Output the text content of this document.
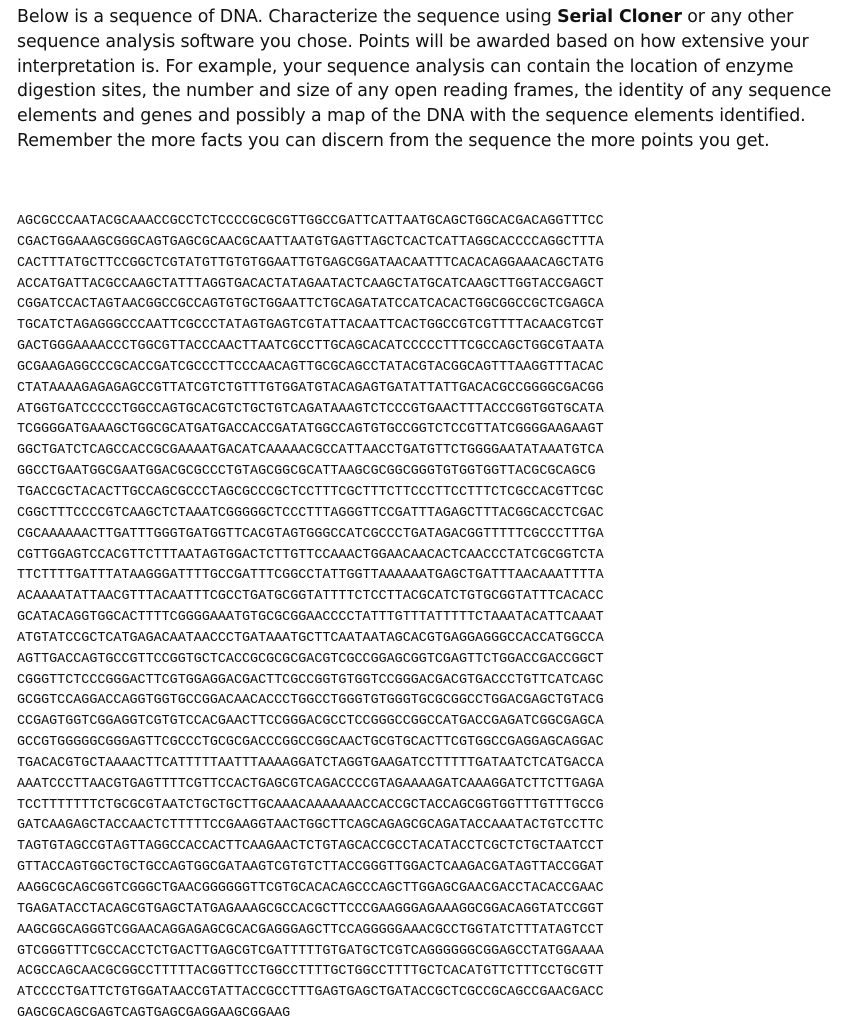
Below is a sequence of DNA. Characterize the sequence using Serial Cloner or any other sequence analysis software you chose. Points will be awarded based on how extensive your interpretation is. For example, your sequence analysis can contain the location of enzyme digestion sites, the number and size of any open reading frames, the identity of any sequence elements and genes and possibly a map of the DNA with the sequence elements identified. Remember the more facts you can discern from the sequence the more points you get.
AGCGCCCAATACGCAAACCGCCTCTCCCCGCGCGTTGGCCGATTCATTAATGCAGCTGGCACGACAGGTTTCC
CGACTGGAAAGCGGGCAGTGAGCGCAACGCAATTAATGTGAGTTAGCTCACTCATTAGGCACCCCAGGCTTTA
CACTTTATGCTTCCGGCTCGTATGTTGTGTGGAATTGTGAGCGGATAACAATTTCACACAGGAAACAGCTATG
ACCATGATTACGCCAAGCTATTTAGGTGACACTATAGAATACTCAAGCTATGCATCAAGCTTGGTACCGAGCT
CGGATCCACTAGTAACGGCCGCCAGTGTGCTGGAATTCTGCAGATATCCATCACACTGGCGGCCGCTCGAGCA
TGCATCTAGAGGGCCCAATTCGCCCTATAGTGAGTCGTATTACAATTCACTGGCCGTCGTTTTACAACGTCGT
GACTGGGAAAACCCTGGCGTTACCCAACTTAATCGCCTTGCAGCACATCCCCCTTTCGCCAGCTGGCGTAATA
GCGAAGAGGCCCGCACCGATCGCCCTTCCCAACAGTTGCGCAGCCTATACGTACGGCAGTTTAAGGTTTACAC
CTATAAAAGAGAGAGCCGTTATCGTCTGTTTGTGGATGTACAGAGTGATATTATTGACACGCCGGGGCGACGG
ATGGTGATCCCCCTGGCCAGTGCACGTCTGCTGTCAGATAAAGTCTCCCGTGAACTTTACCCGGTGGTGCATA
TCGGGGATGAAAGCTGGCGCATGATGACCACCGATATGGCCAGTGTGCCGGTCTCCGTTATCGGGGAAGAAGT
GGCTGATCTCAGCCACCGCGAAAATGACATCAAAAACGCCATTAACCTGATGTTCTGGGGAATATAAATGTCA
GGCCTGAATGGCGAATGGACGCGCCCTGTAGCGGCGCATTAAGCGCGGCGGGTGTGGTGGTTACGCGCAGCG
TGACCGCTACACTTGCCAGCGCCCTAGCGCCCGCTCCTTTCGCTTTCTTCCCTTCCTTTCTCGCCACGTTCGC
CGGCTTTCCCCGTCAAGCTCTAAATCGGGGGCTCCCTTTAGGGTTCCGATTTAGAGCTTTACGGCACCTCGAC
CGCAAAAAACTTGATTTGGGTGATGGTTCACGTAGTGGGCCATCGCCCTGATAGACGGTTTTTCGCCCTTTGA
CGTTGGAGTCCACGTTCTTTAATAGTGGACTCTTGTTCCAAACTGGAACAACACTCAACCCTATCGCGGTCTA
TTCTTTTGATTTATAAGGGATTTTGCCGATTTCGGCCTATTGGTTAAAAAATGAGCTGATTTAACAAATTTTA
ACAAAATATTAACGTTTACAATTTCGCCTGATGCGGTATTTTCTCCTTACGCATCTGTGCGGTATTTCACACC
GCATACAGGTGGCACTTTTCGGGGAAATGTGCGCGGAACCCCTATTTGTTTATTTTTCTAAATACATTCAAAT
ATGTATCCGCTCATGAGACAATAACCCTGATAAATGCTTCAATAATAGCACGTGAGGAGGGCCACCATGGCCA
AGTTGACCAGTGCCGTTCCGGTGCTCACCGCGCGCGACGTCGCCGGAGCGGTCGAGTTCTGGACCGACCGGCT
CGGGTTCTCCCGGGACTTCGTGGAGGACGACTTCGCCGGTGTGGTCCGGGACGACGTGACCCTGTTCATCAGC
GCGGTCCAGGACCAGGTGGTGCCGGACAACACCCTGGCCTGGGTGTGGGTGCGCGGCCTGGACGAGCTGTACG
CCGAGTGGTCGGAGGTCGTGTCCACGAACTTCCGGGACGCCTCCGGGCCGGCCATGACCGAGATCGGCGAGCA
GCCGTGGGGGCGGGAGTTCGCCCTGCGCGACCCGGCCGGCAACTGCGTGCACTTCGTGGCCGAGGAGCAGGAC
TGACACGTGCTAAAACTTCATTTTTAATTTAAAAGGATCTAGGTGAAGATCCTTTTTGATAATCTCATGACCA
AAATCCCTTAACGTGAGTTTTCGTTCCACTGAGCGTCAGACCCCGTAGAAAAGATCAAAGGATCTTCTTGAGA
TCCTTTTTTTCTGCGCGTAATCTGCTGCTTGCAAACAAAAAAACCACCGCTACCAGCGGTGGTTTGTTTGCCG
GATCAAGAGCTACCAACTCTTTTTCCGAAGGTAACTGGCTTCAGCAGAGCGCAGATACCAAATACTGTCCTTC
TAGTGTAGCCGTAGTTAGGCCACCACTTCAAGAACTCTGTAGCACCGCCTACATACCTCGCTCTGCTAATCCT
GTTACCAGTGGCTGCTGCCAGTGGCGATAAGTCGTGTCTTACCGGGTTGGACTCAAGACGATAGTTACCGGAT
AAGGCGCAGCGGTCGGGCTGAACGGGGGGTTCGTGCACACAGCCCAGCTTGGAGCGAACGACCTACACCGAAC
TGAGATACCTACAGCGTGAGCTATGAGAAAGCGCCACGCTTCCCGAAGGGAGAAAGGCGGACAGGTATCCGGT
AAGCGGCAGGGTCGGAACAGGAGAGCGCACGAGGGAGCTTCCAGGGGGAAACGCCTGGTATCTTTATAGTCCT
GTCGGGTTTCGCCACCTCTGACTTGAGCGTCGATTTTTGTGATGCTCGTCAGGGGGGCGGAGCCTATGGAAAA
ACGCCAGCAACGCGGCCTTTTTACGGTTCCTGGCCTTTTGCTGGCCTTTTGCTCACATGTTCTTTCCTGCGTT
ATCCCCTGATTCTGTGGATAACCGTATTACCGCCTTTGAGTGAGCTGATACCGCTCGCCGCAGCCGAACGACC
GAGCGCAGCGAGTCAGTGAGCGAGGAAGCGGAAG
